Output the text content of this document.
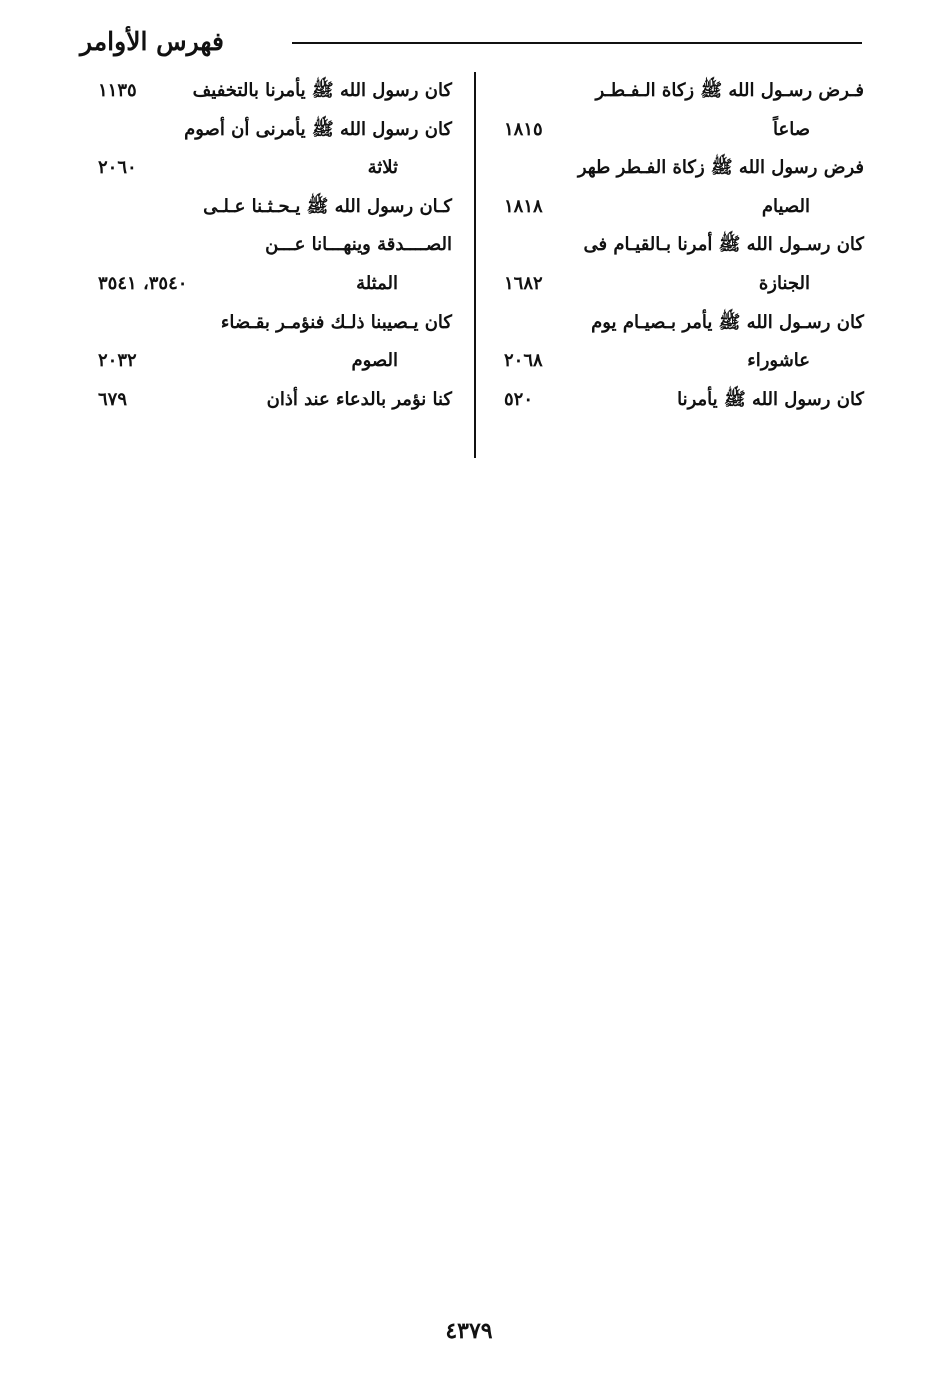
فهرس الأوامر
فـرض رسـول الله ﷺ زكاة الـفـطـر
صاعاً
١٨١٥
فرض رسول الله ﷺ زكاة الفـطر طهر
الصيام
١٨١٨
كان رسـول الله ﷺ أمرنا بـالقيـام فى
الجنازة
١٦٨٢
كان رسـول الله ﷺ يأمر بـصيـام يوم
عاشوراء
٢٠٦٨
كان رسول الله ﷺ يأمرنا
٥٢٠
كان رسول الله ﷺ يأمرنا بالتخفيف
١١٣٥
كان رسول الله ﷺ يأمرنى أن أصوم
ثلاثة
٢٠٦٠
كـان رسول الله ﷺ يـحـثـنا عـلـى
الصــــدقة وينهـــانا عـــن
المثلة
٣٥٤٠، ٣٥٤١
كان يـصيبنا ذلـك فنؤمـر بقـضاء
الصوم
٢٠٣٢
كنا نؤمر بالدعاء عند أذان
٦٧٩
٤٣٧٩
